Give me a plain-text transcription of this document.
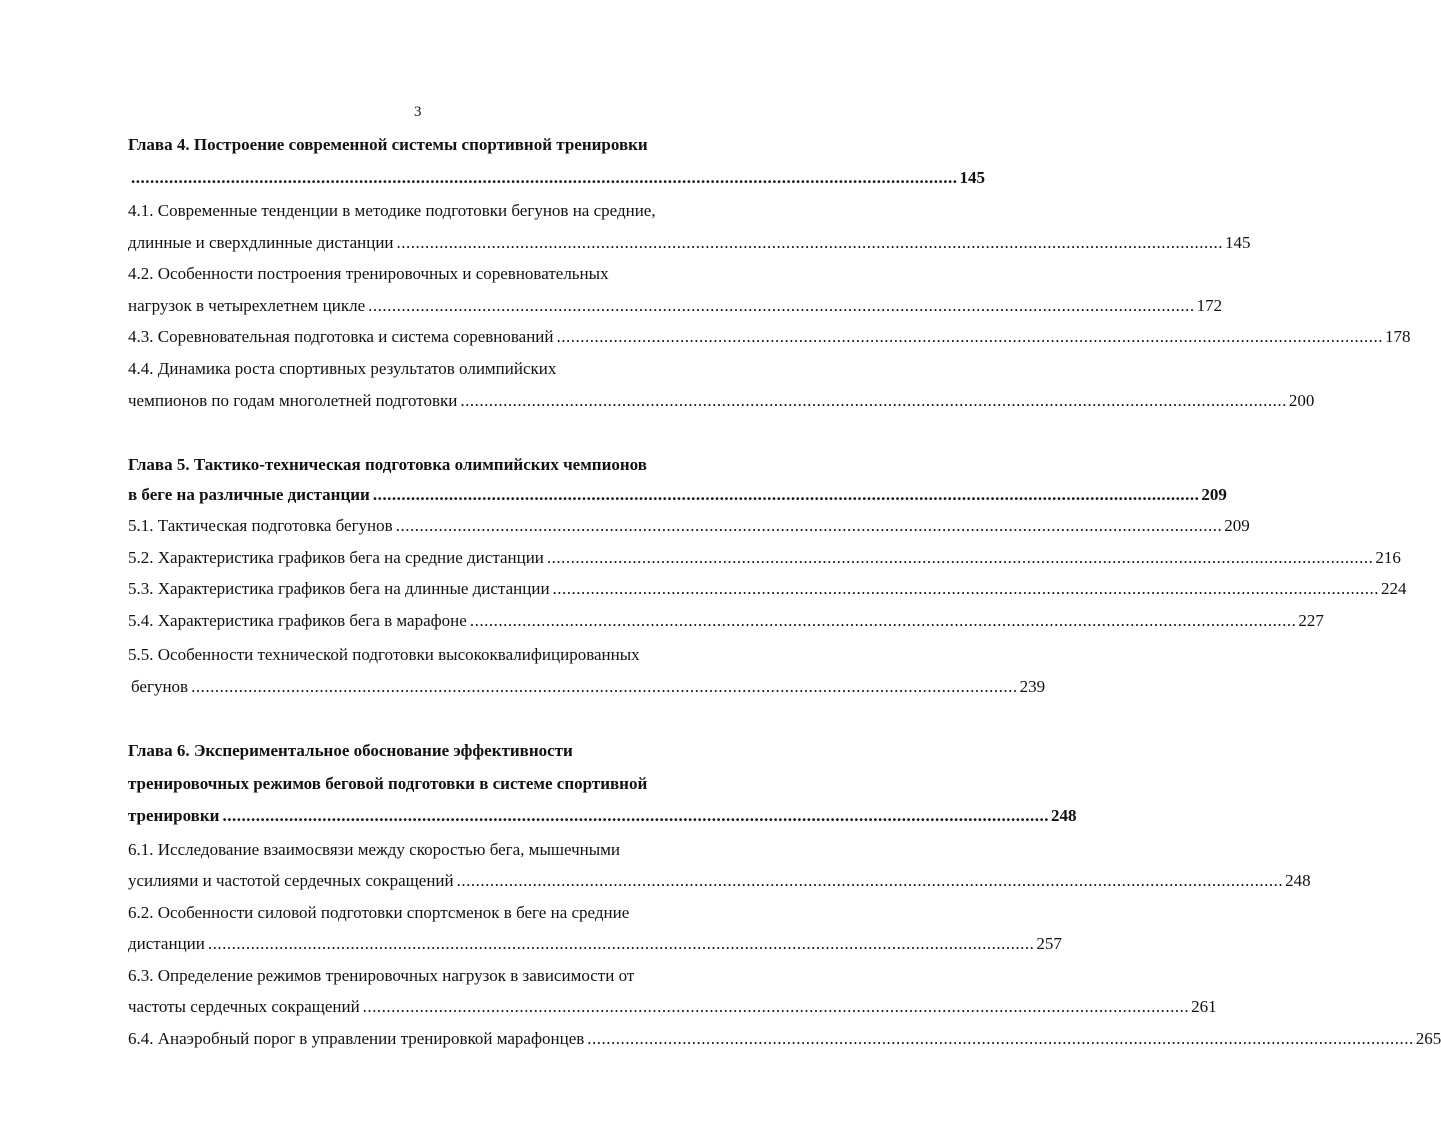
3
Глава 4. Построение современной системы спортивной тренировки
.............................................................................................................................................................................. 145
4.1. Современные тенденции в методике подготовки бегунов на средние,
длинные и сверхдлинные дистанции .............................................................................................................................................................................. 145
4.2. Особенности построения тренировочных и соревновательных
нагрузок в четырехлетнем цикле .............................................................................................................................................................................. 172
4.3. Соревновательная подготовка и система соревнований .............................................................................................................................................................................. 178
4.4. Динамика роста спортивных результатов олимпийских
чемпионов по годам многолетней подготовки .............................................................................................................................................................................. 200
Глава 5. Тактико-техническая подготовка олимпийских чемпионов
в беге на различные дистанции .............................................................................................................................................................................. 209
5.1. Тактическая подготовка бегунов .............................................................................................................................................................................. 209
5.2. Характеристика графиков бега на средние дистанции .............................................................................................................................................................................. 216
5.3. Характеристика графиков бега на длинные дистанции .............................................................................................................................................................................. 224
5.4. Характеристика графиков бега в марафоне .............................................................................................................................................................................. 227
5.5. Особенности технической подготовки высококвалифицированных
бегунов .............................................................................................................................................................................. 239
Глава 6. Экспериментальное обоснование эффективности
тренировочных режимов беговой подготовки в системе спортивной
тренировки .............................................................................................................................................................................. 248
6.1. Исследование взаимосвязи между скоростью бега, мышечными
усилиями и частотой сердечных сокращений .............................................................................................................................................................................. 248
6.2. Особенности силовой подготовки спортсменок в беге на средние
дистанции .............................................................................................................................................................................. 257
6.3. Определение режимов тренировочных нагрузок в зависимости от
частоты сердечных сокращений .............................................................................................................................................................................. 261
6.4. Анаэробный порог в управлении тренировкой марафонцев .............................................................................................................................................................................. 265
